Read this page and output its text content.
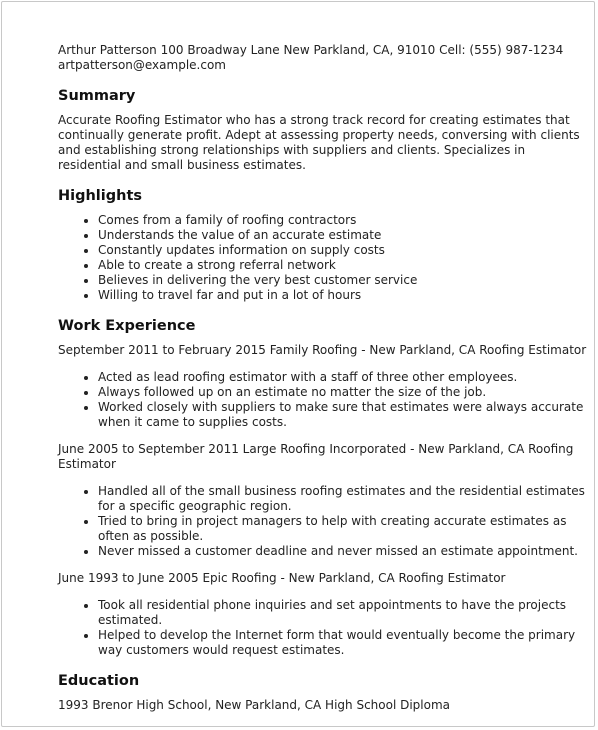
Arthur Patterson 100 Broadway Lane New Parkland, CA, 91010 Cell: (555) 987-1234

artpatterson@example.com

Summary

Accurate Roofing Estimator who has a strong track record for creating estimates that continually generate profit. Adept at assessing property needs, conversing with clients and establishing strong relationships with suppliers and clients. Specializes in residential and small business estimates.

Highlights
• Comes from a family of roofing contractors
• Understands the value of an accurate estimate
• Constantly updates information on supply costs
• Able to create a strong referral network
• Believes in delivering the very best customer service
• Willing to travel far and put in a lot of hours
Work Experience

September 2011 to February 2015 Family Roofing - New Parkland, CA Roofing Estimator

• Acted as lead roofing estimator with a staff of three other employees.
• Always followed up on an estimate no matter the size of the job.
• Worked closely with suppliers to make sure that estimates were always accurate when it came to supplies costs.

June 2005 to September 2011 Large Roofing Incorporated - New Parkland, CA Roofing Estimator

• Handled all of the small business roofing estimates and the residential estimates for a specific geographic region.
• Tried to bring in project managers to help with creating accurate estimates as often as possible.
• Never missed a customer deadline and never missed an estimate appointment.

June 1993 to June 2005 Epic Roofing - New Parkland, CA Roofing Estimator

• Took all residential phone inquiries and set appointments to have the projects estimated.
• Helped to develop the Internet form that would eventually become the primary way customers would request estimates.
Education

1993 Brenor High School, New Parkland, CA High School Diploma
